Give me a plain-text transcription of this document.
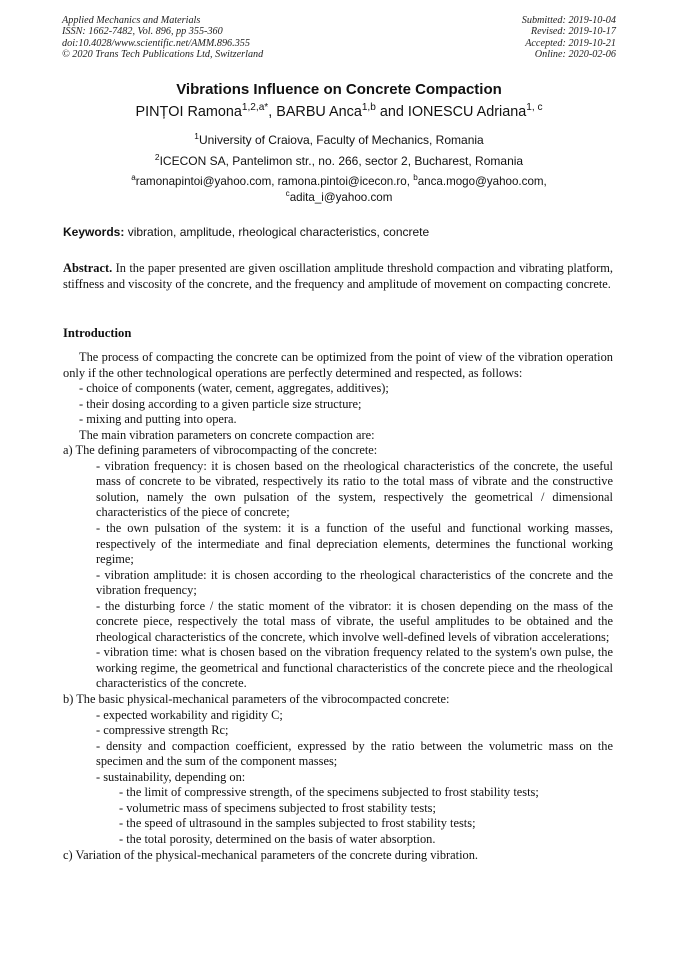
Applied Mechanics and Materials
ISSN: 1662-7482, Vol. 896, pp 355-360
doi:10.4028/www.scientific.net/AMM.896.355
© 2020 Trans Tech Publications Ltd, Switzerland
Submitted: 2019-10-04
Revised: 2019-10-17
Accepted: 2019-10-21
Online: 2020-02-06
Vibrations Influence on Concrete Compaction
PINȚOI Ramona$^{1,2,a*}$, BARBU Anca$^{1,b}$ and IONESCU Adriana$^{1, c}$
$^1$University of Craiova, Faculty of Mechanics, Romania
$^2$ICECON SA, Pantelimon str., no. 266, sector 2, Bucharest, Romania
$^a$ramonapintoi@yahoo.com, ramona.pintoi@icecon.ro, $^b$anca.mogo@yahoo.com,
$^c$adita_i@yahoo.com
Keywords: vibration, amplitude, rheological characteristics, concrete
Abstract. In the paper presented are given oscillation amplitude threshold compaction and vibrating platform, stiffness and viscosity of the concrete, and the frequency and amplitude of movement on compacting concrete.
Introduction

The process of compacting the concrete can be optimized from the point of view of the vibration operation only if the other technological operations are perfectly determined and respected, as follows:

- choice of components (water, cement, aggregates, additives);

- their dosing according to a given particle size structure;

- mixing and putting into opera.

The main vibration parameters on concrete compaction are:

a) The defining parameters of vibrocompacting of the concrete:

- vibration frequency: it is chosen based on the rheological characteristics of the concrete, the useful mass of concrete to be vibrated, respectively its ratio to the total mass of vibrate and the constructive solution, namely the own pulsation of the system, respectively the geometrical / dimensional characteristics of the piece of concrete;

- the own pulsation of the system: it is a function of the useful and functional working masses, respectively of the intermediate and final depreciation elements, determines the functional working regime;

- vibration amplitude: it is chosen according to the rheological characteristics of the concrete and the vibration frequency;

- the disturbing force / the static moment of the vibrator: it is chosen depending on the mass of the concrete piece, respectively the total mass of vibrate, the useful amplitudes to be obtained and the rheological characteristics of the concrete, which involve well-defined levels of vibration accelerations;

- vibration time: what is chosen based on the vibration frequency related to the system's own pulse, the working regime, the geometrical and functional characteristics of the concrete piece and the rheological characteristics of the concrete.

b) The basic physical-mechanical parameters of the vibrocompacted concrete:

- expected workability and rigidity C;

- compressive strength Rc;

- density and compaction coefficient, expressed by the ratio between the volumetric mass on the specimen and the sum of the component masses;

- sustainability, depending on:

- the limit of compressive strength, of the specimens subjected to frost stability tests;

- volumetric mass of specimens subjected to frost stability tests;

- the speed of ultrasound in the samples subjected to frost stability tests;

- the total porosity, determined on the basis of water absorption.

c) Variation of the physical-mechanical parameters of the concrete during vibration.
